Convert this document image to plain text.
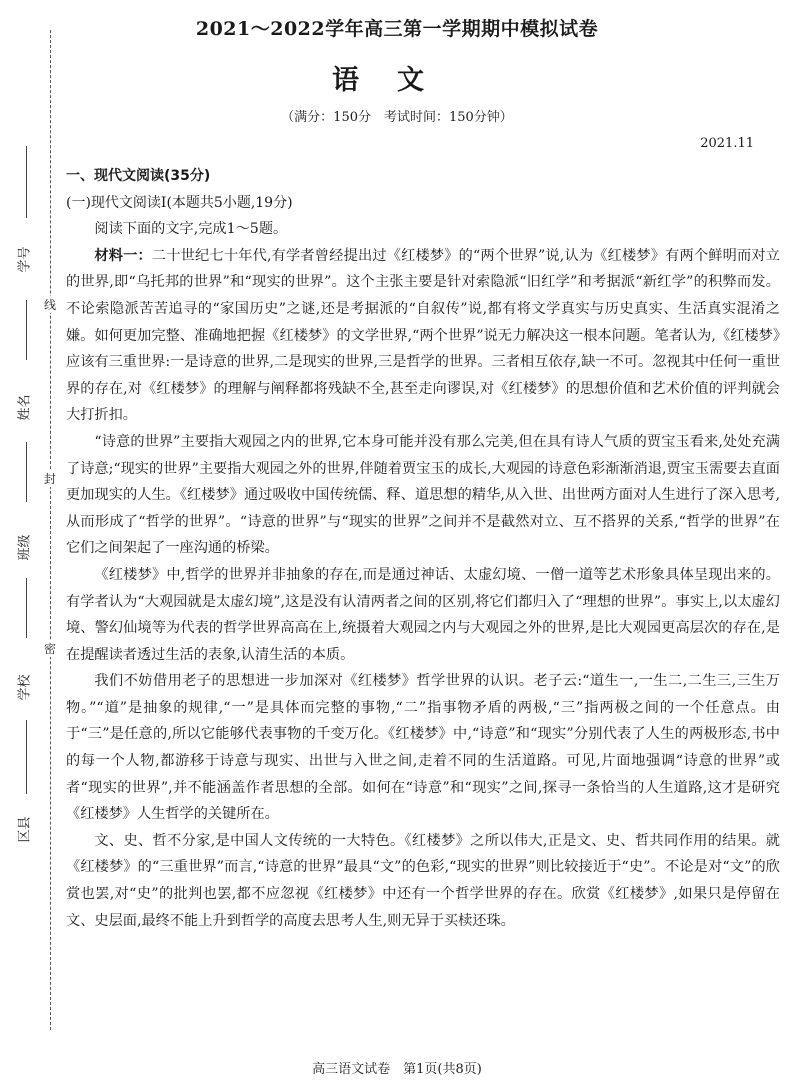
学号
姓名
班级
学校
区县
线
封
密
2021～2022学年高三第一学期期中模拟试卷
语文
（满分：150分　考试时间：150分钟）
2021.11
一、现代文阅读(35分)
(一)现代文阅读Ⅰ(本题共5小题,19分)

阅读下面的文字,完成1～5题。

材料一：二十世纪七十年代,有学者曾经提出过《红楼梦》的“两个世界”说,认为《红楼梦》有两个鲜明而对立的世界,即“乌托邦的世界”和“现实的世界”。这个主张主要是针对索隐派“旧红学”和考据派“新红学”的积弊而发。不论索隐派苦苦追寻的“家国历史”之谜,还是考据派的“自叙传”说,都有将文学真实与历史真实、生活真实混淆之嫌。如何更加完整、准确地把握《红楼梦》的文学世界,“两个世界”说无力解决这一根本问题。笔者认为,《红楼梦》应该有三重世界:一是诗意的世界,二是现实的世界,三是哲学的世界。三者相互依存,缺一不可。忽视其中任何一重世界的存在,对《红楼梦》的理解与阐释都将残缺不全,甚至走向谬误,对《红楼梦》的思想价值和艺术价值的评判就会大打折扣。

“诗意的世界”主要指大观园之内的世界,它本身可能并没有那么完美,但在具有诗人气质的贾宝玉看来,处处充满了诗意;“现实的世界”主要指大观园之外的世界,伴随着贾宝玉的成长,大观园的诗意色彩渐渐消退,贾宝玉需要去直面更加现实的人生。《红楼梦》通过吸收中国传统儒、释、道思想的精华,从入世、出世两方面对人生进行了深入思考,从而形成了“哲学的世界”。“诗意的世界”与“现实的世界”之间并不是截然对立、互不搭界的关系,“哲学的世界”在它们之间架起了一座沟通的桥梁。

《红楼梦》中,哲学的世界并非抽象的存在,而是通过神话、太虚幻境、一僧一道等艺术形象具体呈现出来的。有学者认为“大观园就是太虚幻境”,这是没有认清两者之间的区别,将它们都归入了“理想的世界”。事实上,以太虚幻境、警幻仙境等为代表的哲学世界高高在上,统摄着大观园之内与大观园之外的世界,是比大观园更高层次的存在,是在提醒读者透过生活的表象,认清生活的本质。

我们不妨借用老子的思想进一步加深对《红楼梦》哲学世界的认识。老子云:“道生一,一生二,二生三,三生万物。”“道”是抽象的规律,“一”是具体而完整的事物,“二”指事物矛盾的两极,“三”指两极之间的一个任意点。由于“三”是任意的,所以它能够代表事物的千变万化。《红楼梦》中,“诗意”和“现实”分别代表了人生的两极形态,书中的每一个人物,都游移于诗意与现实、出世与入世之间,走着不同的生活道路。可见,片面地强调“诗意的世界”或者“现实的世界”,并不能涵盖作者思想的全部。如何在“诗意”和“现实”之间,探寻一条恰当的人生道路,这才是研究《红楼梦》人生哲学的关键所在。

文、史、哲不分家,是中国人文传统的一大特色。《红楼梦》之所以伟大,正是文、史、哲共同作用的结果。就《红楼梦》的“三重世界”而言,“诗意的世界”最具“文”的色彩,“现实的世界”则比较接近于“史”。不论是对“文”的欣赏也罢,对“史”的批判也罢,都不应忽视《红楼梦》中还有一个哲学世界的存在。欣赏《红楼梦》,如果只是停留在文、史层面,最终不能上升到哲学的高度去思考人生,则无异于买椟还珠。

高三语文试卷　第1页(共8页)
